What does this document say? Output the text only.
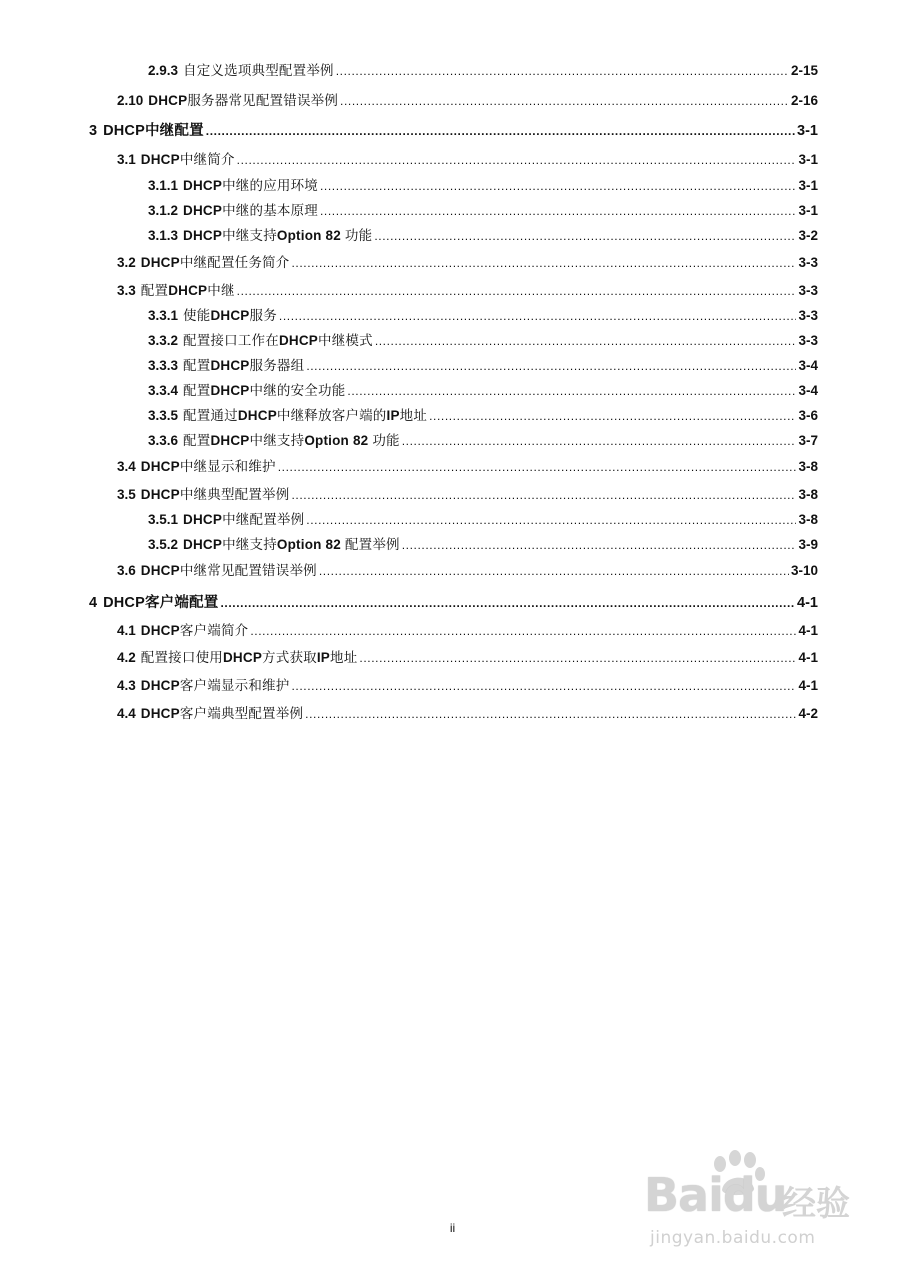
2.9.3 自定义选项典型配置举例 .....	2-15
2.10 DHCP服务器常见配置错误举例 .....	2-16
3 DHCP中继配置 .....	3-1
3.1 DHCP中继简介 .....	3-1
3.1.1 DHCP中继的应用环境 .....	3-1
3.1.2 DHCP中继的基本原理 .....	3-1
3.1.3 DHCP中继支持Option 82 功能 .....	3-2
3.2 DHCP中继配置任务简介 .....	3-3
3.3 配置DHCP中继 .....	3-3
3.3.1 使能DHCP服务 .....	3-3
3.3.2 配置接口工作在DHCP中继模式 .....	3-3
3.3.3 配置DHCP服务器组 .....	3-4
3.3.4 配置DHCP中继的安全功能 .....	3-4
3.3.5 配置通过DHCP中继释放客户端的IP地址 .....	3-6
3.3.6 配置DHCP中继支持Option 82 功能 .....	3-7
3.4 DHCP中继显示和维护 .....	3-8
3.5 DHCP中继典型配置举例 .....	3-8
3.5.1 DHCP中继配置举例 .....	3-8
3.5.2 DHCP中继支持Option 82 配置举例 .....	3-9
3.6 DHCP中继常见配置错误举例 .....	3-10
4 DHCP客户端配置 .....	4-1
4.1 DHCP客户端简介 .....	4-1
4.2 配置接口使用DHCP方式获取IP地址 .....	4-1
4.3 DHCP客户端显示和维护 .....	4-1
4.4 DHCP客户端典型配置举例 .....	4-2
Baidu
经验
jingyan.baidu.com
ii
